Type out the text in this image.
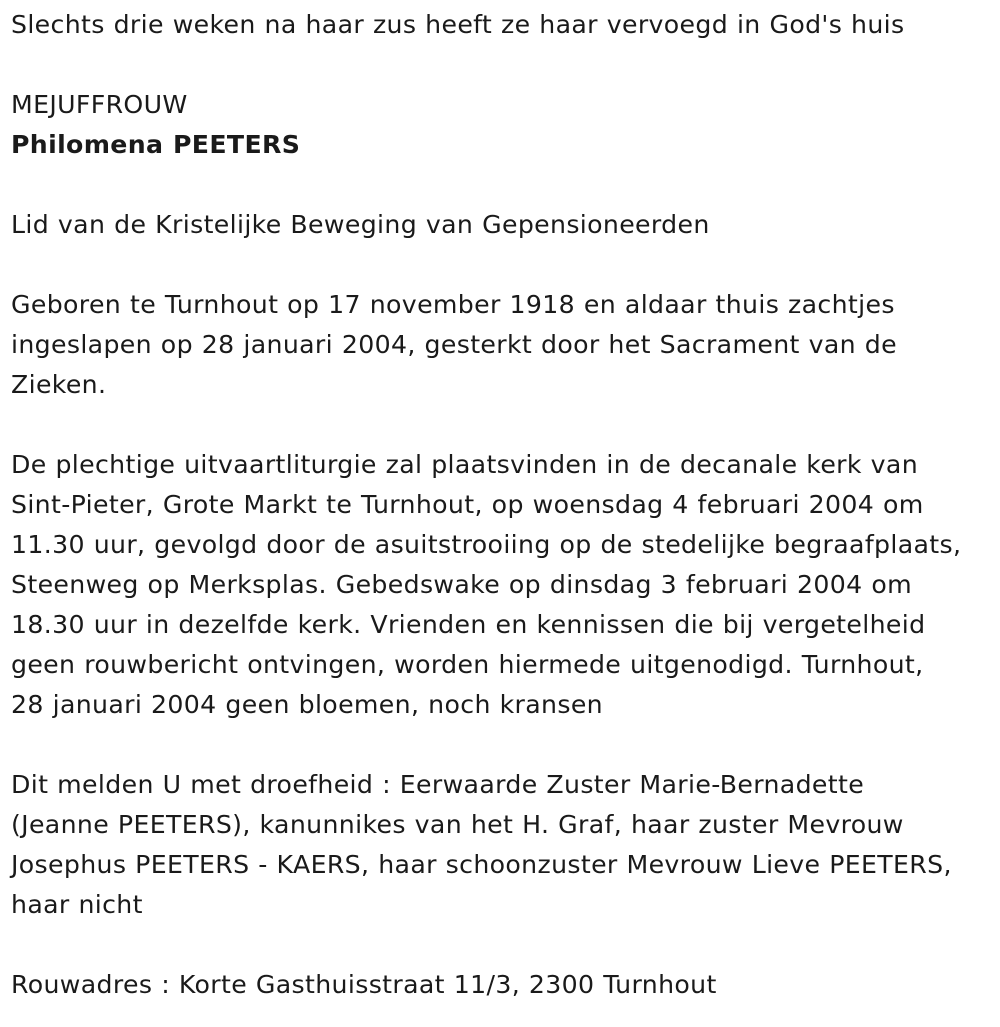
Slechts drie weken na haar zus heeft ze haar vervoegd in God's huis
MEJUFFROUW
Philomena PEETERS
Lid van de Kristelijke Beweging van Gepensioneerden
Geboren te Turnhout op 17 november 1918 en aldaar thuis zachtjes
ingeslapen op 28 januari 2004, gesterkt door het Sacrament van de
Zieken.
De plechtige uitvaartliturgie zal plaatsvinden in de decanale kerk van
Sint-Pieter, Grote Markt te Turnhout, op woensdag 4 februari 2004 om
11.30 uur, gevolgd door de asuitstrooiing op de stedelijke begraafplaats,
Steenweg op Merksplas. Gebedswake op dinsdag 3 februari 2004 om
18.30 uur in dezelfde kerk. Vrienden en kennissen die bij vergetelheid
geen rouwbericht ontvingen, worden hiermede uitgenodigd. Turnhout,
28 januari 2004 geen bloemen, noch kransen
Dit melden U met droefheid : Eerwaarde Zuster Marie-Bernadette
(Jeanne PEETERS), kanunnikes van het H. Graf, haar zuster Mevrouw
Josephus PEETERS - KAERS, haar schoonzuster Mevrouw Lieve PEETERS,
haar nicht
Rouwadres : Korte Gasthuisstraat 11/3, 2300 Turnhout
